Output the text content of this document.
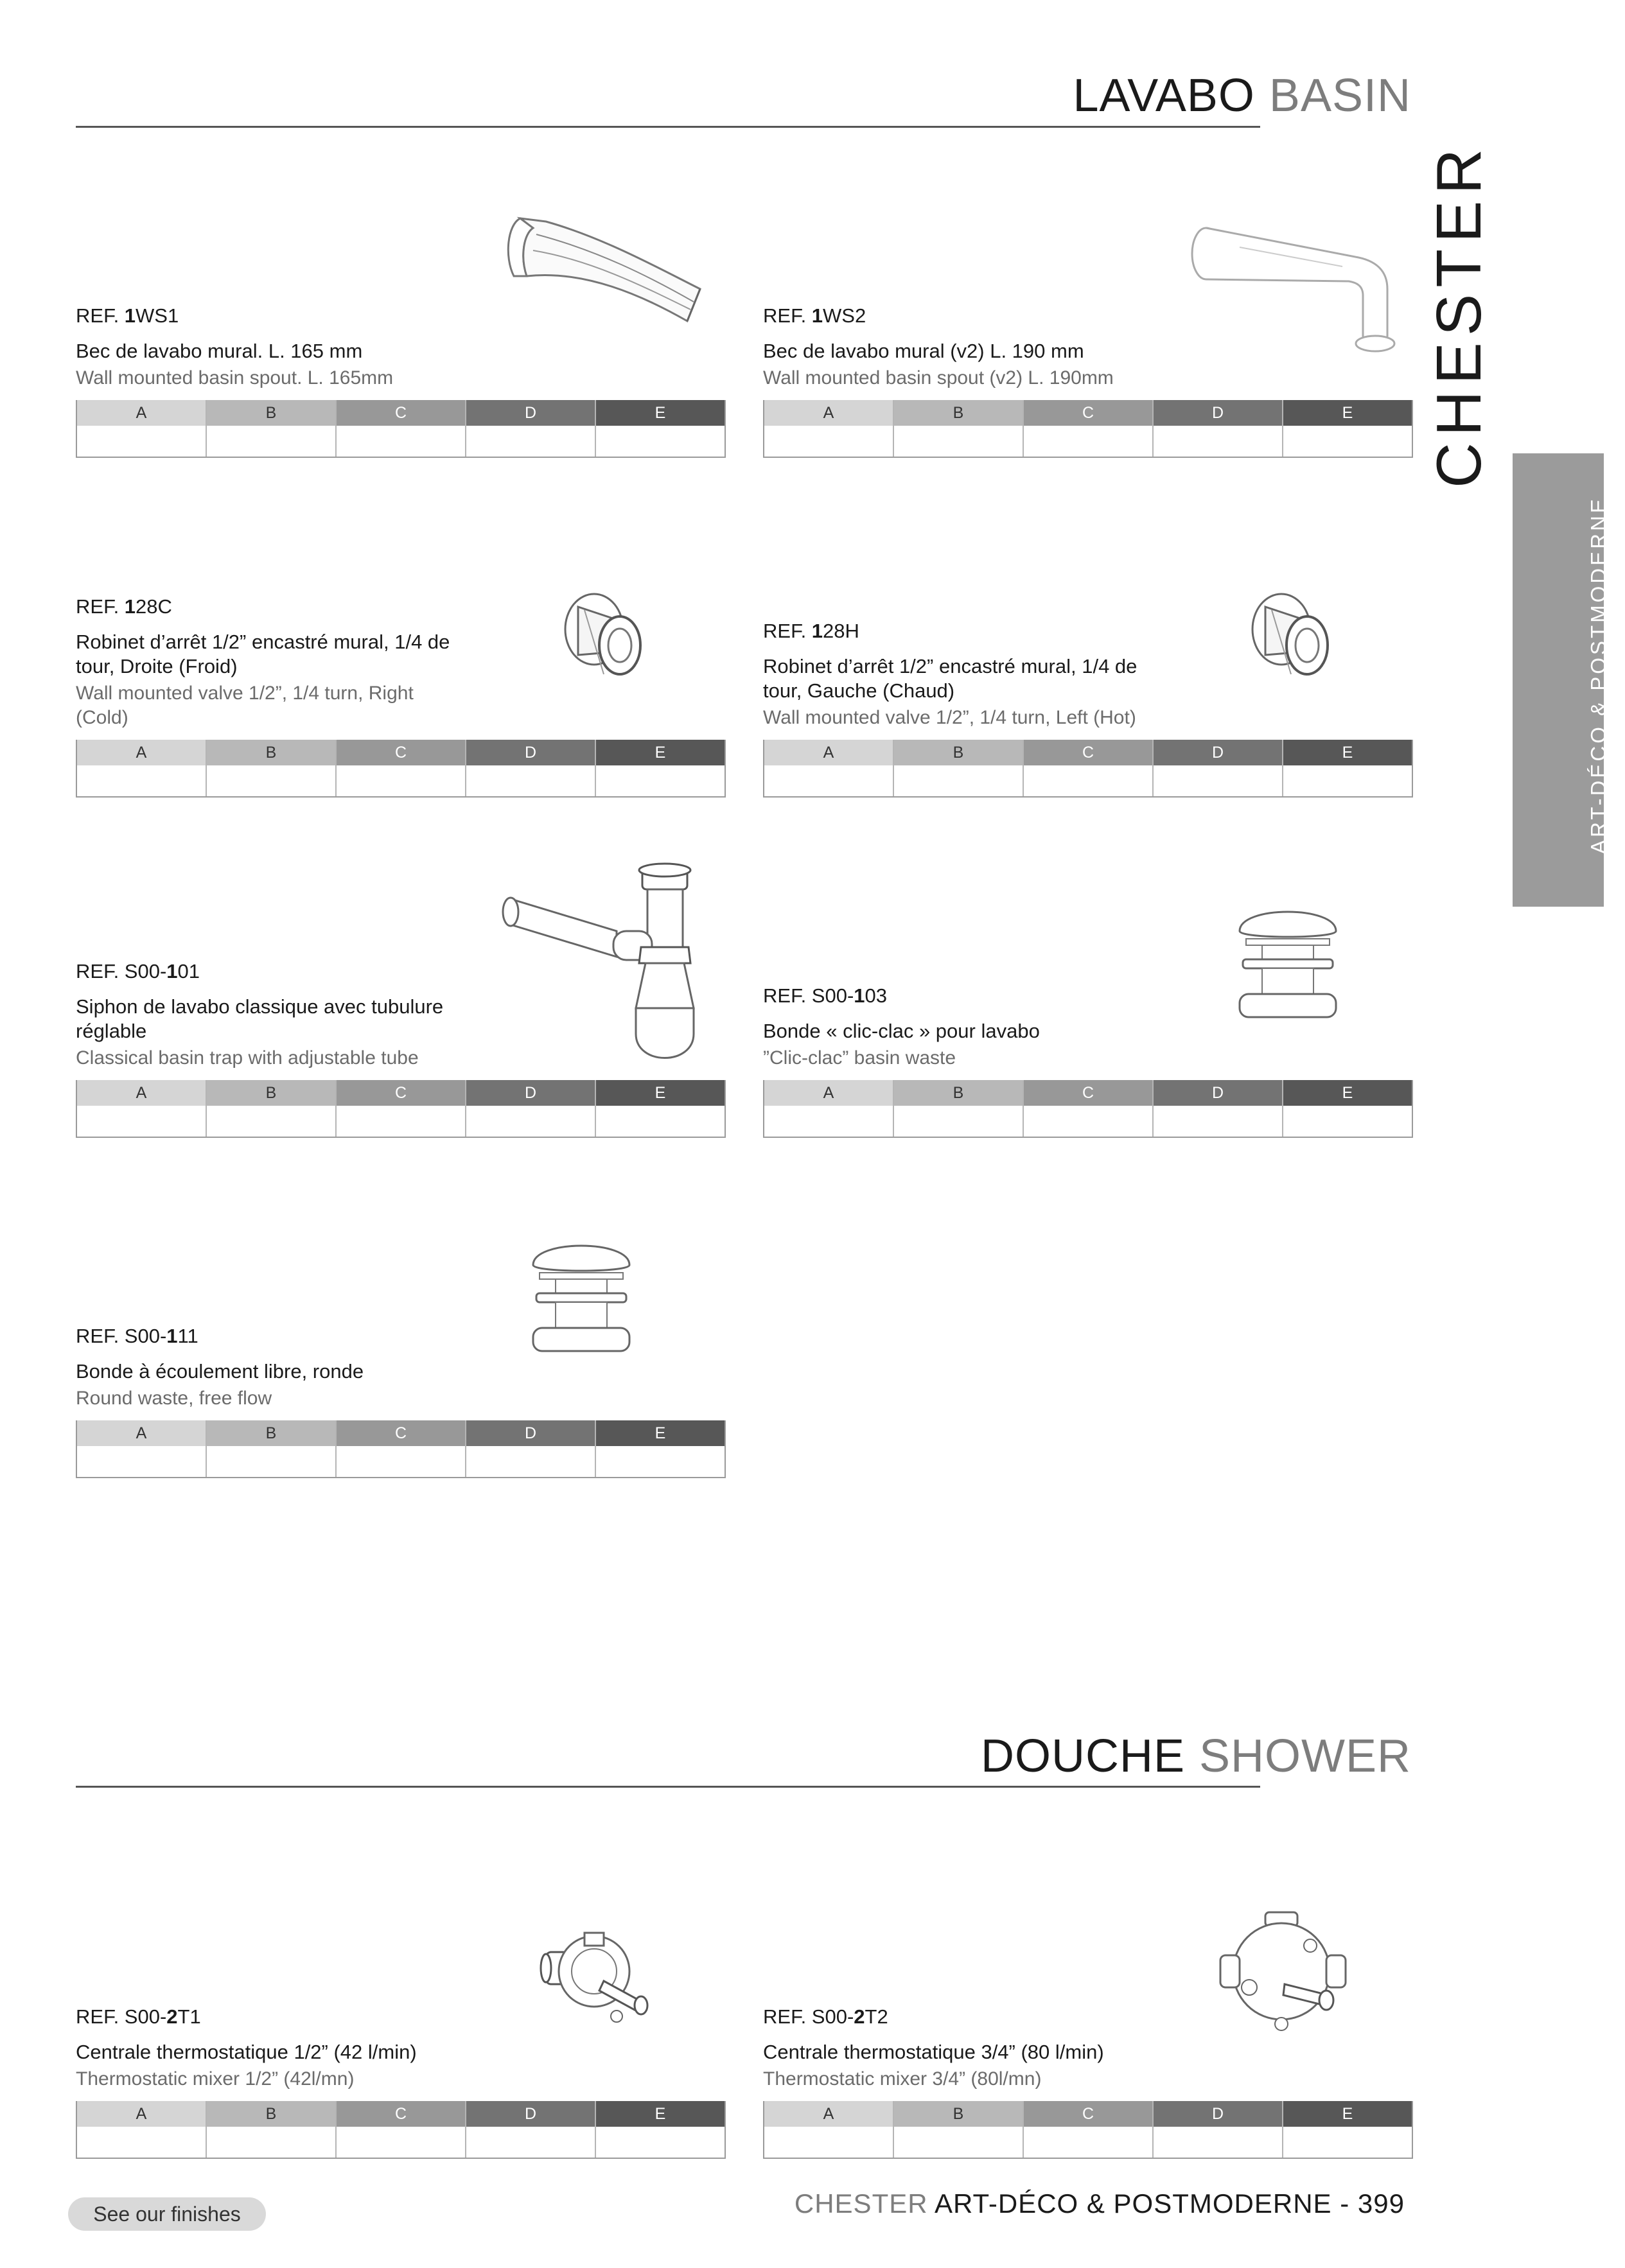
LAVABO BASIN
DOUCHE SHOWER
CHESTER
ART-DÉCO & POSTMODERNE
REF. 1WS1
Bec de lavabo mural. L. 165 mm
Wall mounted basin spout. L. 165mm
A	B	C	D	E
REF. 1WS2
Bec de lavabo mural (v2) L. 190 mm
Wall mounted basin spout (v2) L. 190mm
A	B	C	D	E
REF. 128C
Robinet d’arrêt 1/2” encastré mural, 1/4 de tour, Droite (Froid)
Wall mounted valve 1/2”, 1/4 turn, Right (Cold)
A	B	C	D	E
REF. 128H
Robinet d’arrêt 1/2” encastré mural, 1/4 de tour, Gauche (Chaud)
Wall mounted valve 1/2”, 1/4 turn, Left (Hot)
A	B	C	D	E
REF. S00-101
Siphon de lavabo classique avec tubulure réglable
Classical basin trap with adjustable tube
A	B	C	D	E
REF. S00-103
Bonde « clic-clac » pour lavabo
”Clic-clac” basin waste
A	B	C	D	E
REF. S00-111
Bonde à écoulement libre, ronde
Round waste, free flow
A	B	C	D	E
REF. S00-2T1
Centrale thermostatique 1/2” (42 l/min)
Thermostatic mixer 1/2” (42l/mn)
A	B	C	D	E
REF. S00-2T2
Centrale thermostatique 3/4” (80 l/min)
Thermostatic mixer 3/4” (80l/mn)
A	B	C	D	E
See our finishes	CHESTER ART-DÉCO & POSTMODERNE - 399
